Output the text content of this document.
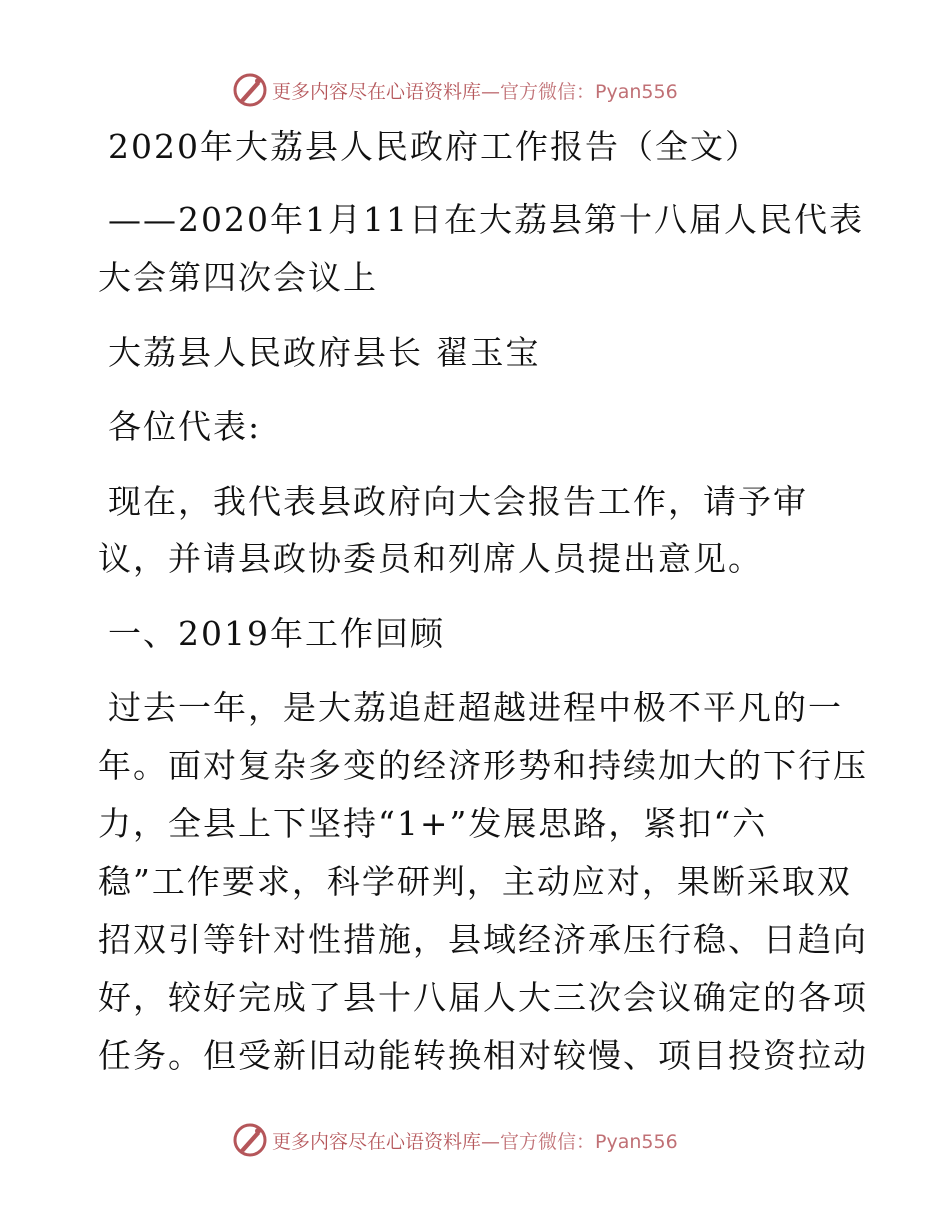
更多内容尽在心语资料库 —官方微信：Pyan556
2020年大荔县人民政府工作报告（全文）
——2020年1月11日在大荔县第十八届人民代表
大会第四次会议上
大荔县人民政府县长 翟玉宝
各位代表:
现在，我代表县政府向大会报告工作，请予审
议，并请县政协委员和列席人员提出意见。
一、2019年工作回顾
过去一年，是大荔追赶超越进程中极不平凡的一
年。面对复杂多变的经济形势和持续加大的下行压
力，全县上下坚持“1+”发展思路，紧扣“六
稳”工作要求，科学研判，主动应对，果断采取双
招双引等针对性措施，县域经济承压行稳、日趋向
好，较好完成了县十八届人大三次会议确定的各项
任务。但受新旧动能转换相对较慢、项目投资拉动
更多内容尽在心语资料库 —官方微信：Pyan556
